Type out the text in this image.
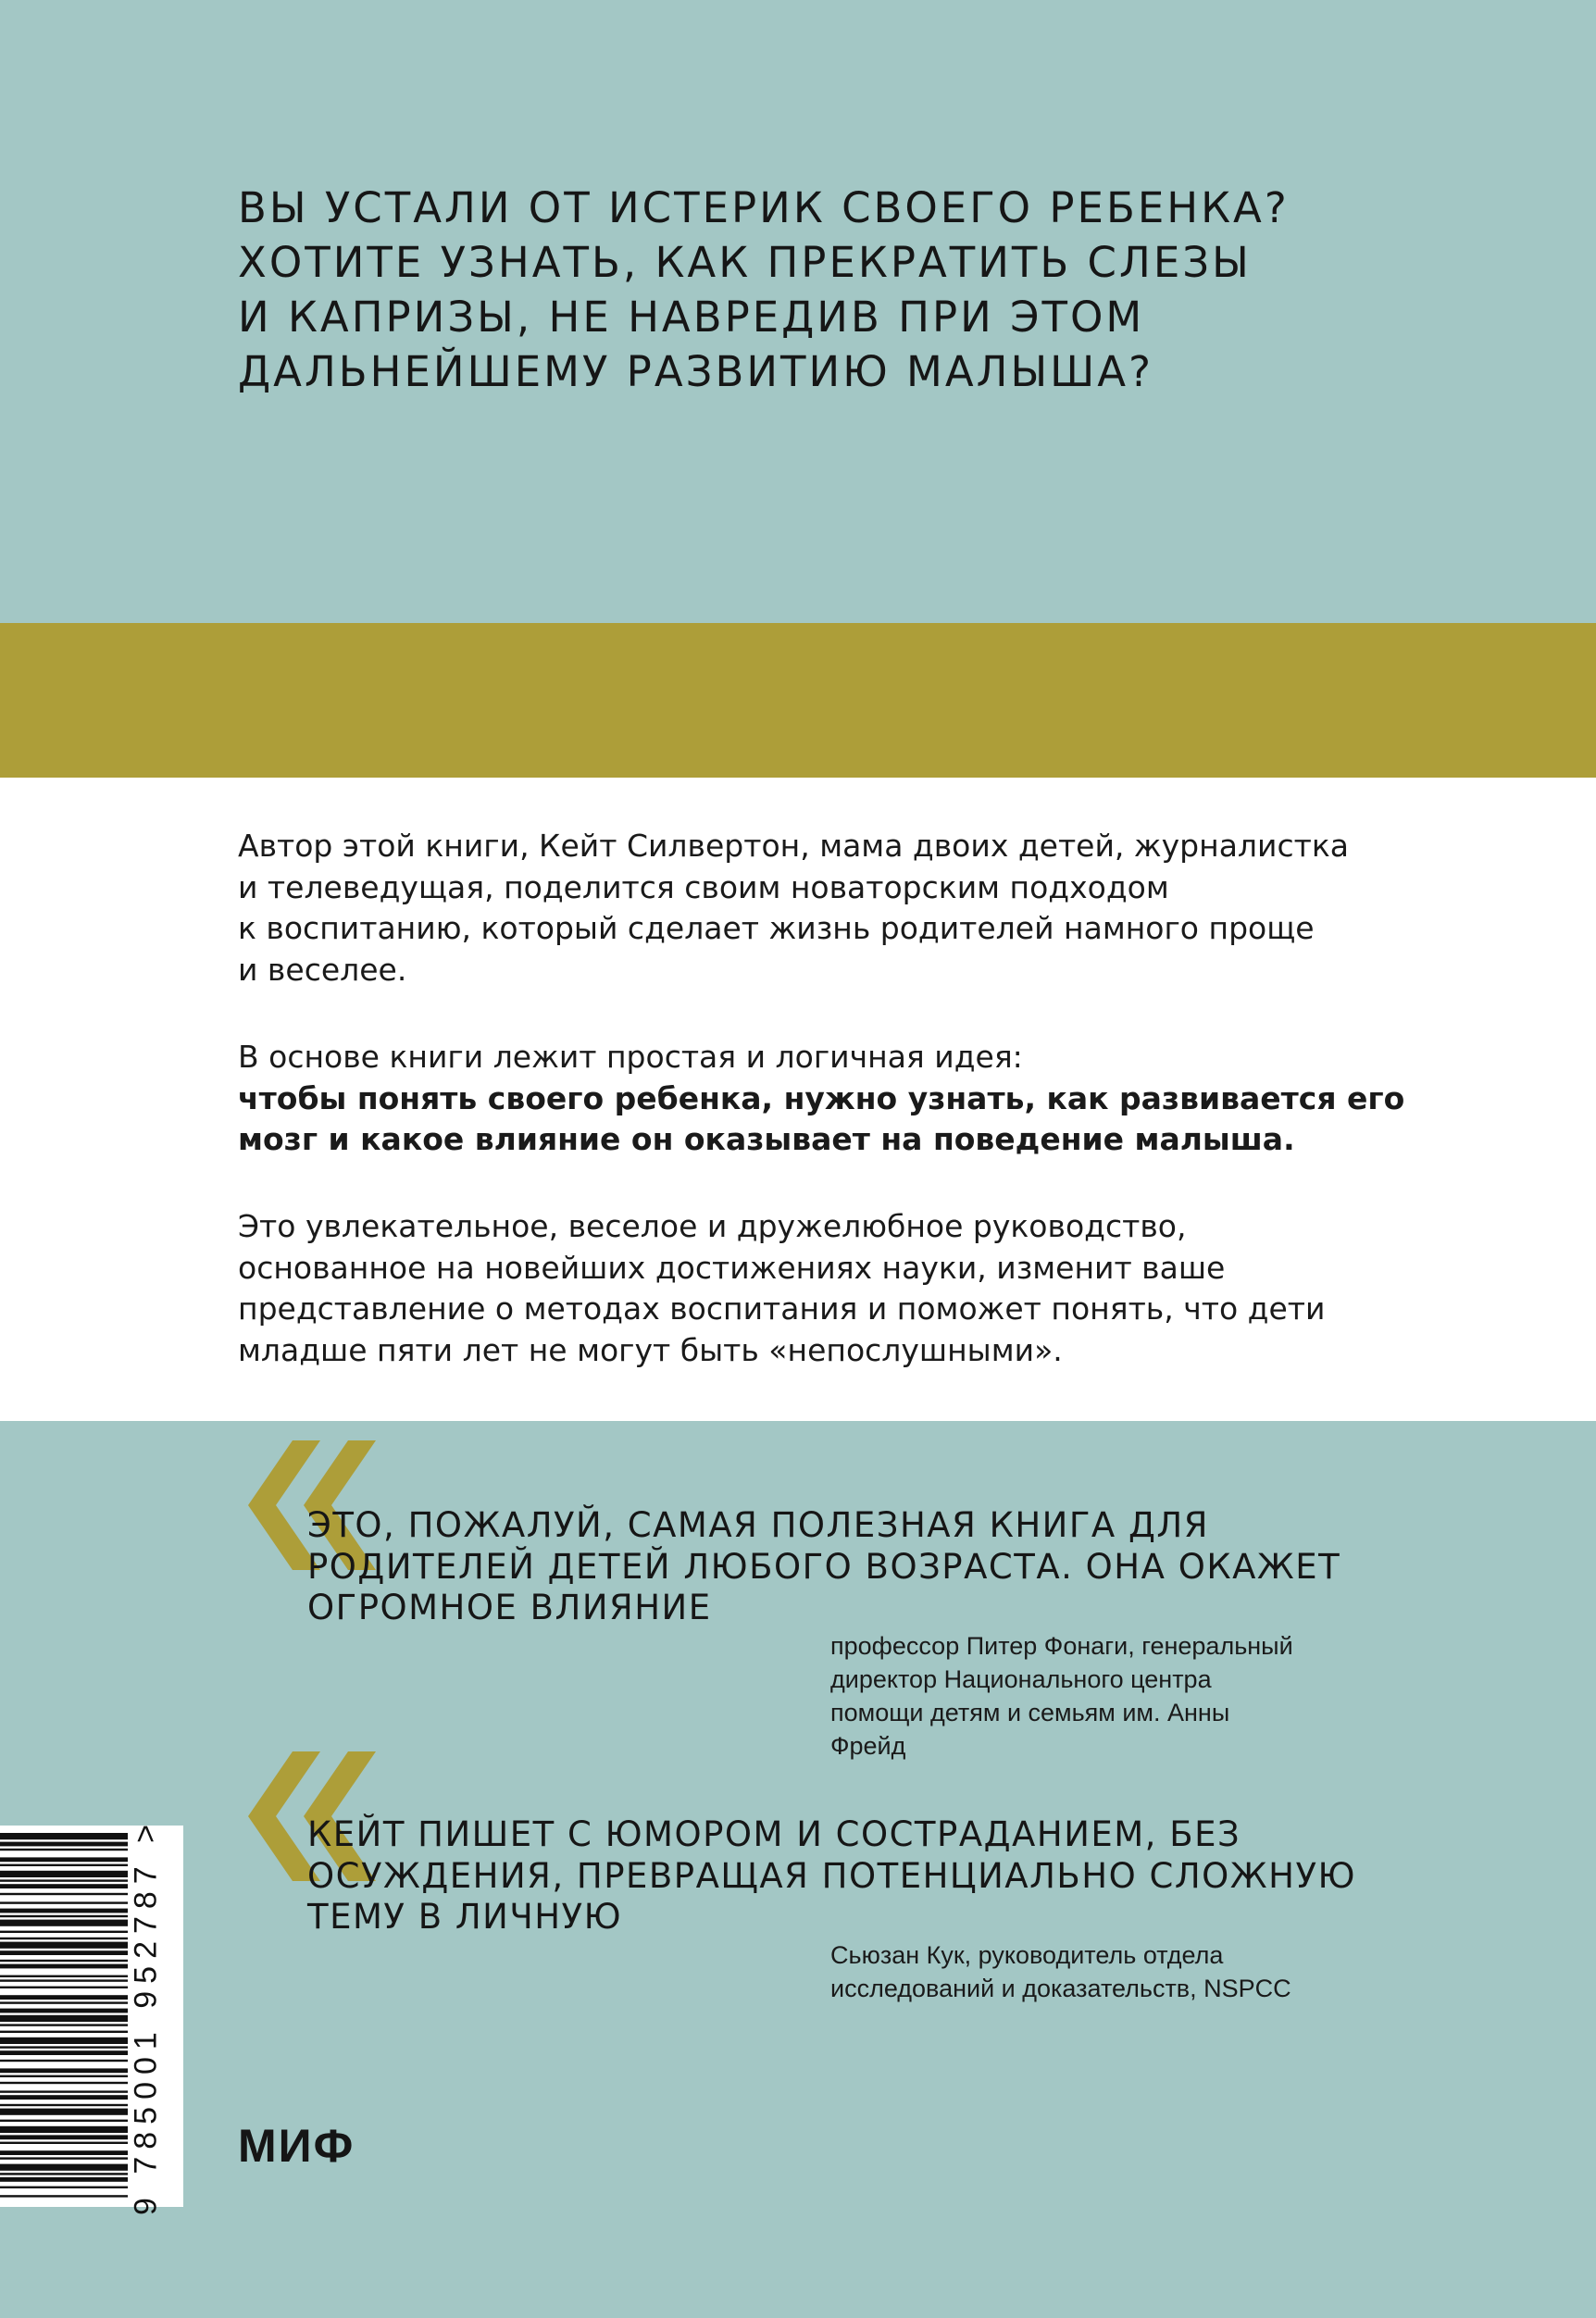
ВЫ УСТАЛИ ОТ ИСТЕРИК СВОЕГО РЕБЕНКА?
ХОТИТЕ УЗНАТЬ, КАК ПРЕКРАТИТЬ СЛЕЗЫ
И КАПРИЗЫ, НЕ НАВРЕДИВ ПРИ ЭТОМ
ДАЛЬНЕЙШЕМУ РАЗВИТИЮ МАЛЫША?

Автор этой книги, Кейт Силвертон, мама двоих детей, журналистка
и телеведущая, поделится своим новаторским подходом
к воспитанию, который сделает жизнь родителей намного проще
и веселее.

В основе книги лежит простая и логичная идея:
чтобы понять своего ребенка, нужно узнать, как развивается его
мозг и какое влияние он оказывает на поведение малыша.

Это увлекательное, веселое и дружелюбное руководство,
основанное на новейших достижениях науки, изменит ваше
представление о методах воспитания и поможет понять, что дети
младше пяти лет не могут быть «непослушными».

ЭТО, ПОЖАЛУЙ, САМАЯ ПОЛЕЗНАЯ КНИГА ДЛЯ
РОДИТЕЛЕЙ ДЕТЕЙ ЛЮБОГО ВОЗРАСТА. ОНА ОКАЖЕТ
ОГРОМНОЕ ВЛИЯНИЕ

профессор Питер Фонаги, генеральный
директор Национального центра
помощи детям и семьям им. Анны
Фрейд

КЕЙТ ПИШЕТ С ЮМОРОМ И СОСТРАДАНИЕМ, БЕЗ
ОСУЖДЕНИЯ, ПРЕВРАЩАЯ ПОТЕНЦИАЛЬНО СЛОЖНУЮ
ТЕМУ В ЛИЧНУЮ

Сьюзан Кук, руководитель отдела
исследований и доказательств, NSPCC

9 785001 952787 > МИФ
